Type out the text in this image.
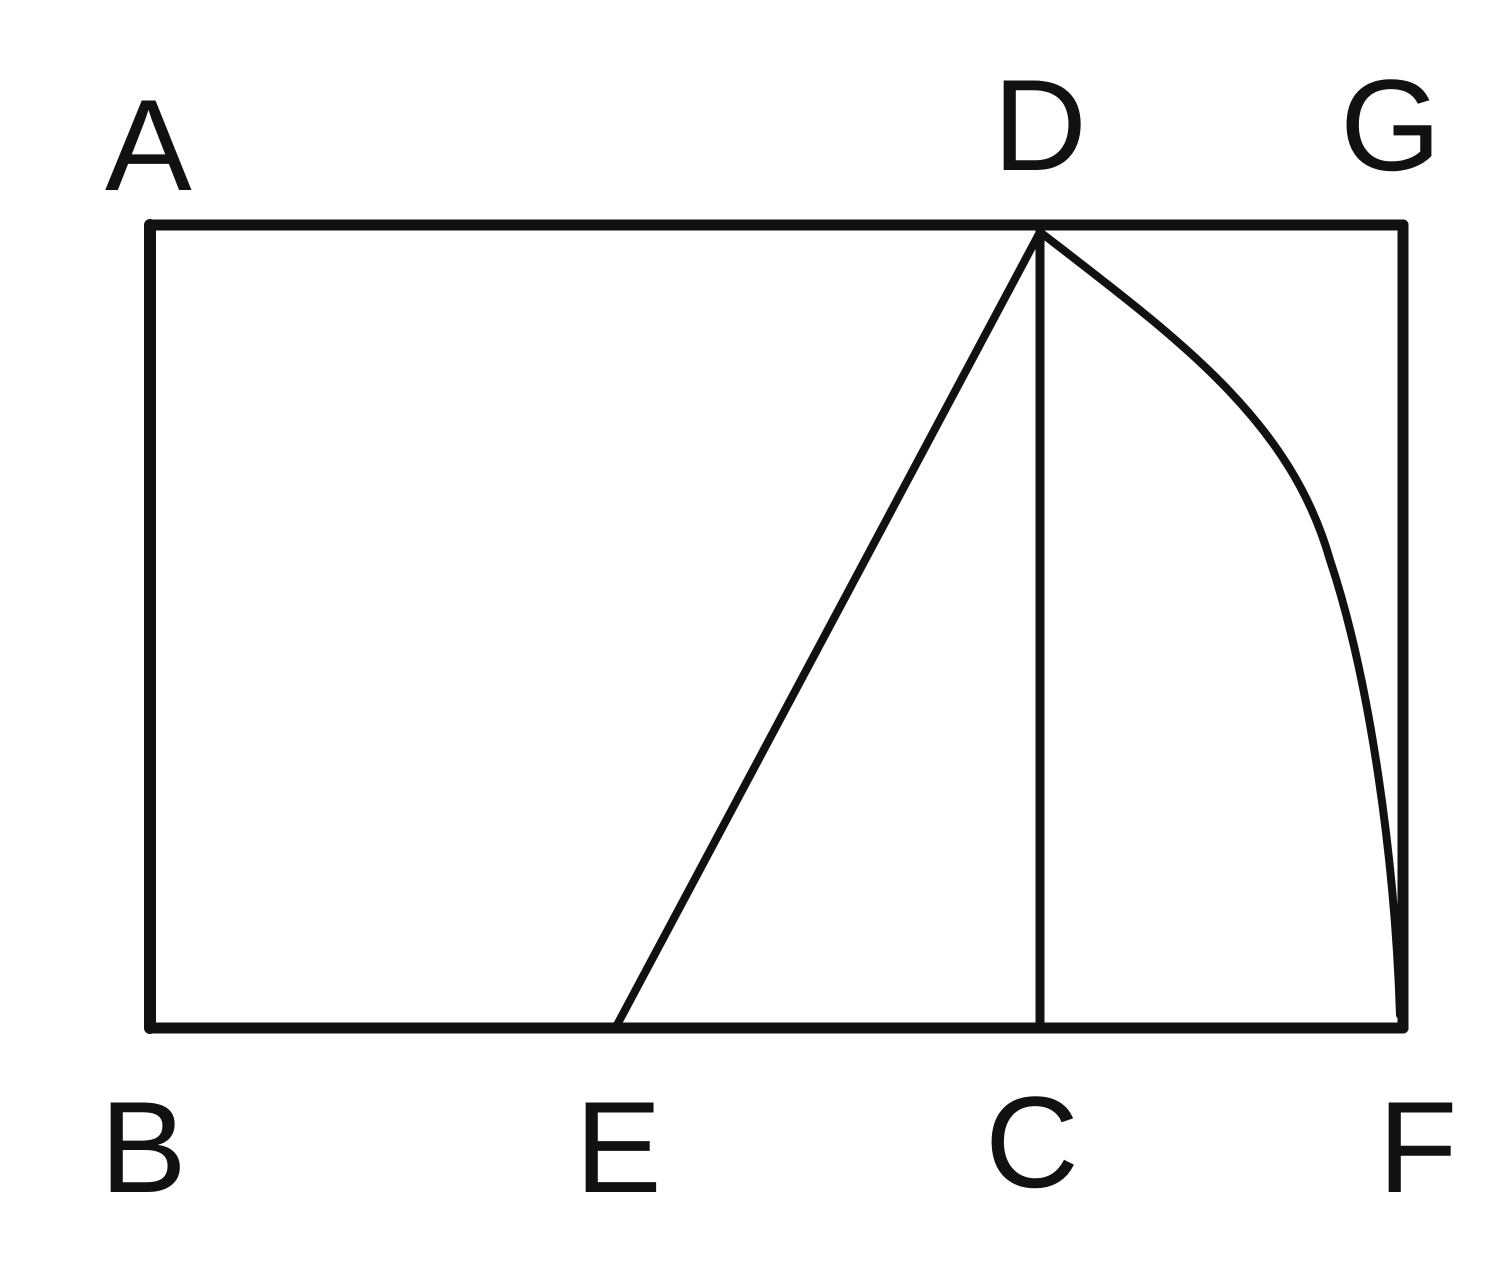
A	D G
B	E C F
